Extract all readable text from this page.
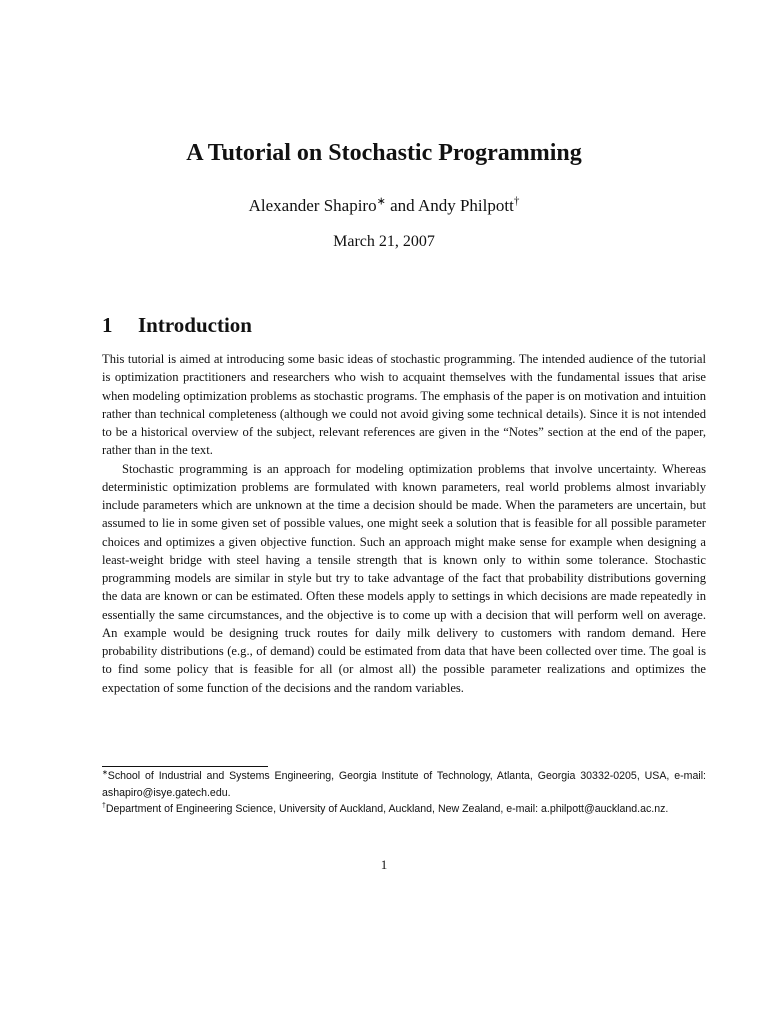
A Tutorial on Stochastic Programming
Alexander Shapiro∗ and Andy Philpott†
March 21, 2007
1 Introduction

This tutorial is aimed at introducing some basic ideas of stochastic programming. The intended audience of the tutorial is optimization practitioners and researchers who wish to acquaint themselves with the fundamental issues that arise when modeling optimization problems as stochastic programs. The emphasis of the paper is on motivation and intuition rather than technical completeness (although we could not avoid giving some technical details). Since it is not intended to be a historical overview of the subject, relevant references are given in the “Notes” section at the end of the paper, rather than in the text.

Stochastic programming is an approach for modeling optimization problems that involve uncertainty. Whereas deterministic optimization problems are formulated with known parameters, real world problems almost invariably include parameters which are unknown at the time a decision should be made. When the parameters are uncertain, but assumed to lie in some given set of possible values, one might seek a solution that is feasible for all possible parameter choices and optimizes a given objective function. Such an approach might make sense for example when designing a least-weight bridge with steel having a tensile strength that is known only to within some tolerance. Stochastic programming models are similar in style but try to take advantage of the fact that probability distributions governing the data are known or can be estimated. Often these models apply to settings in which decisions are made repeatedly in essentially the same circumstances, and the objective is to come up with a decision that will perform well on average. An example would be designing truck routes for daily milk delivery to customers with random demand. Here probability distributions (e.g., of demand) could be estimated from data that have been collected over time. The goal is to find some policy that is feasible for all (or almost all) the possible parameter realizations and optimizes the expectation of some function of the decisions and the random variables.

∗School of Industrial and Systems Engineering, Georgia Institute of Technology, Atlanta, Georgia 30332-0205, USA, e-mail: ashapiro@isye.gatech.edu.

†Department of Engineering Science, University of Auckland, Auckland, New Zealand, e-mail: a.philpott@auckland.ac.nz.

1
